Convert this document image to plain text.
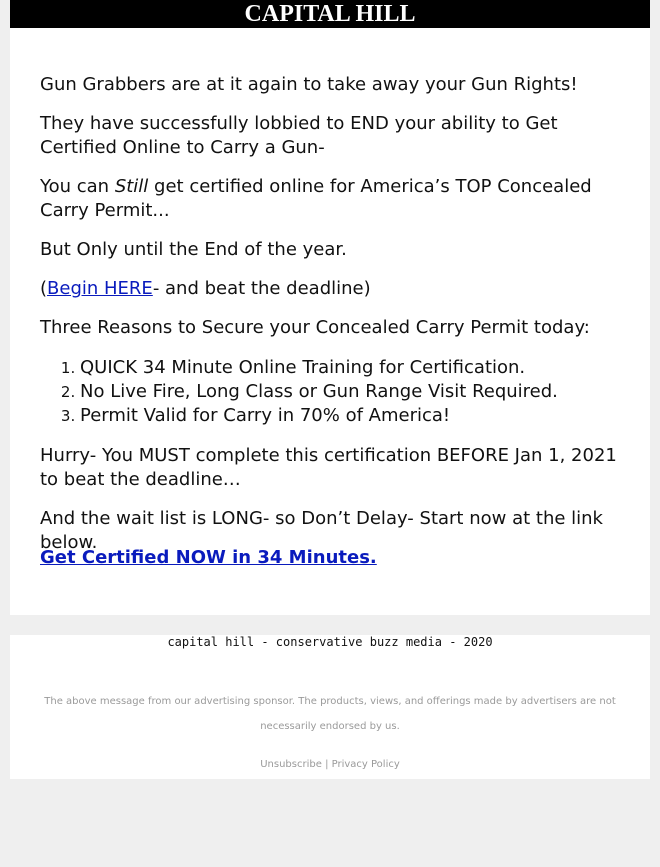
CAPITAL HILL

Gun Grabbers are at it again to take away your Gun Rights!

They have successfully lobbied to END your ability to Get Certified Online to Carry a Gun-

You can Still get certified online for America’s TOP Concealed Carry Permit...

But Only until the End of the year.

(Begin HERE- and beat the deadline)

Three Reasons to Secure your Concealed Carry Permit today:

1. QUICK 34 Minute Online Training for Certification.
2. No Live Fire, Long Class or Gun Range Visit Required.
3. Permit Valid for Carry in 70% of America!

Hurry- You MUST complete this certification BEFORE Jan 1, 2021 to beat the deadline…

And the wait list is LONG- so Don’t Delay- Start now at the link below.

Get Certified NOW in 34 Minutes.

capital hill - conservative buzz media - 2020
The above message from our advertising sponsor. The products, views, and offerings made by advertisers are not necessarily endorsed by us.
Unsubscribe | Privacy Policy
